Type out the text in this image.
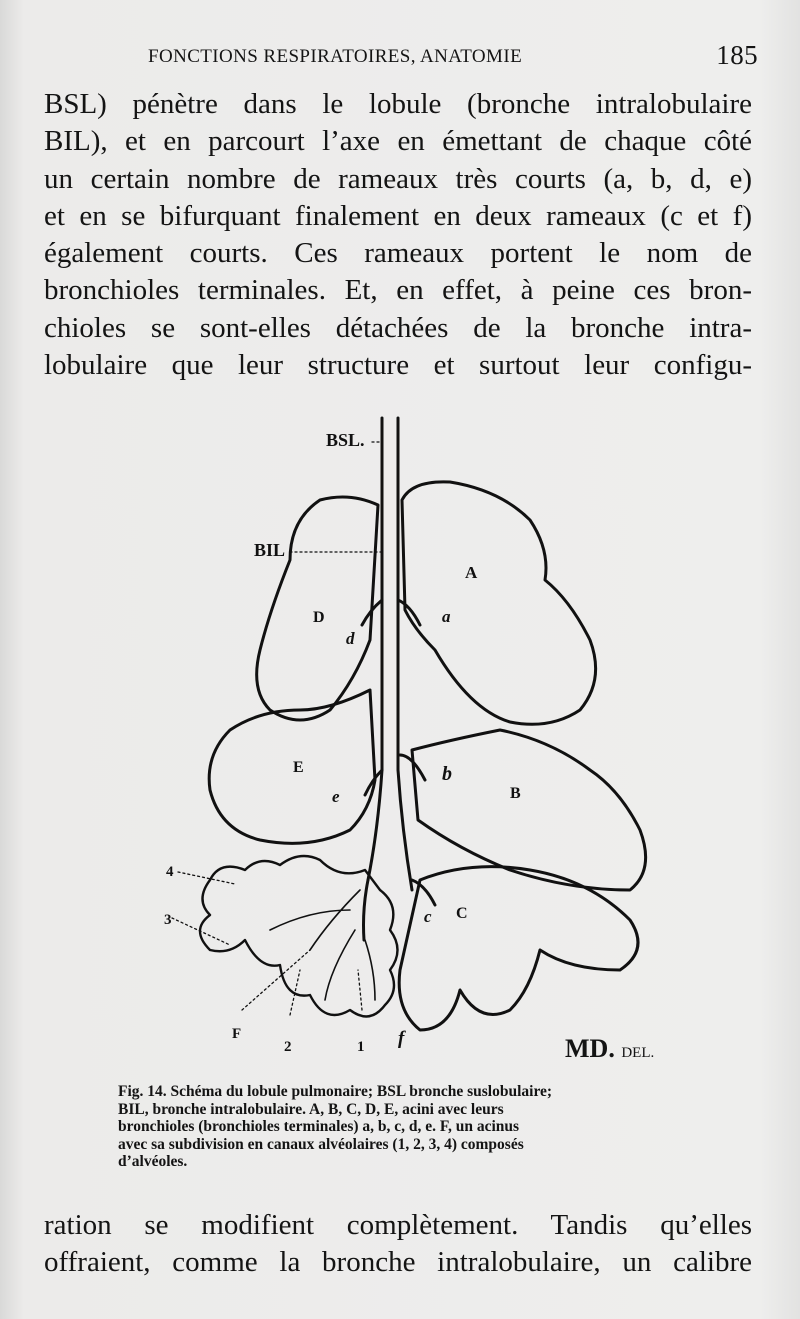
FONCTIONS RESPIRATOIRES, ANATOMIE	185
BSL) pénètre dans le lobule (bronche intralobulaire
BIL), et en parcourt l’axe en émettant de chaque côté
un certain nombre de rameaux très courts (a, b, d, e)
et en se bifurquant finalement en deux rameaux (c et f)
également courts. Ces rameaux portent le nom de
bronchioles terminales. Et, en effet, à peine ces bron-
chioles se sont-elles détachées de la bronche intra-
lobulaire que leur structure et surtout leur configu-
BSL.
BIL
A
D
E
B
C
F
1
2
3
4
a
d
b
e
c
f	MD. DEL.
Fig. 14. Schéma du lobule pulmonaire; BSL bronche suslobulaire;
BIL, bronche intralobulaire. A, B, C, D, E, acini avec leurs
bronchioles (bronchioles terminales) a, b, c, d, e. F, un acinus
avec sa subdivision en canaux alvéolaires (1, 2, 3, 4) composés
d’alvéoles.
ration se modifient complètement. Tandis qu’elles
offraient, comme la bronche intralobulaire, un calibre
